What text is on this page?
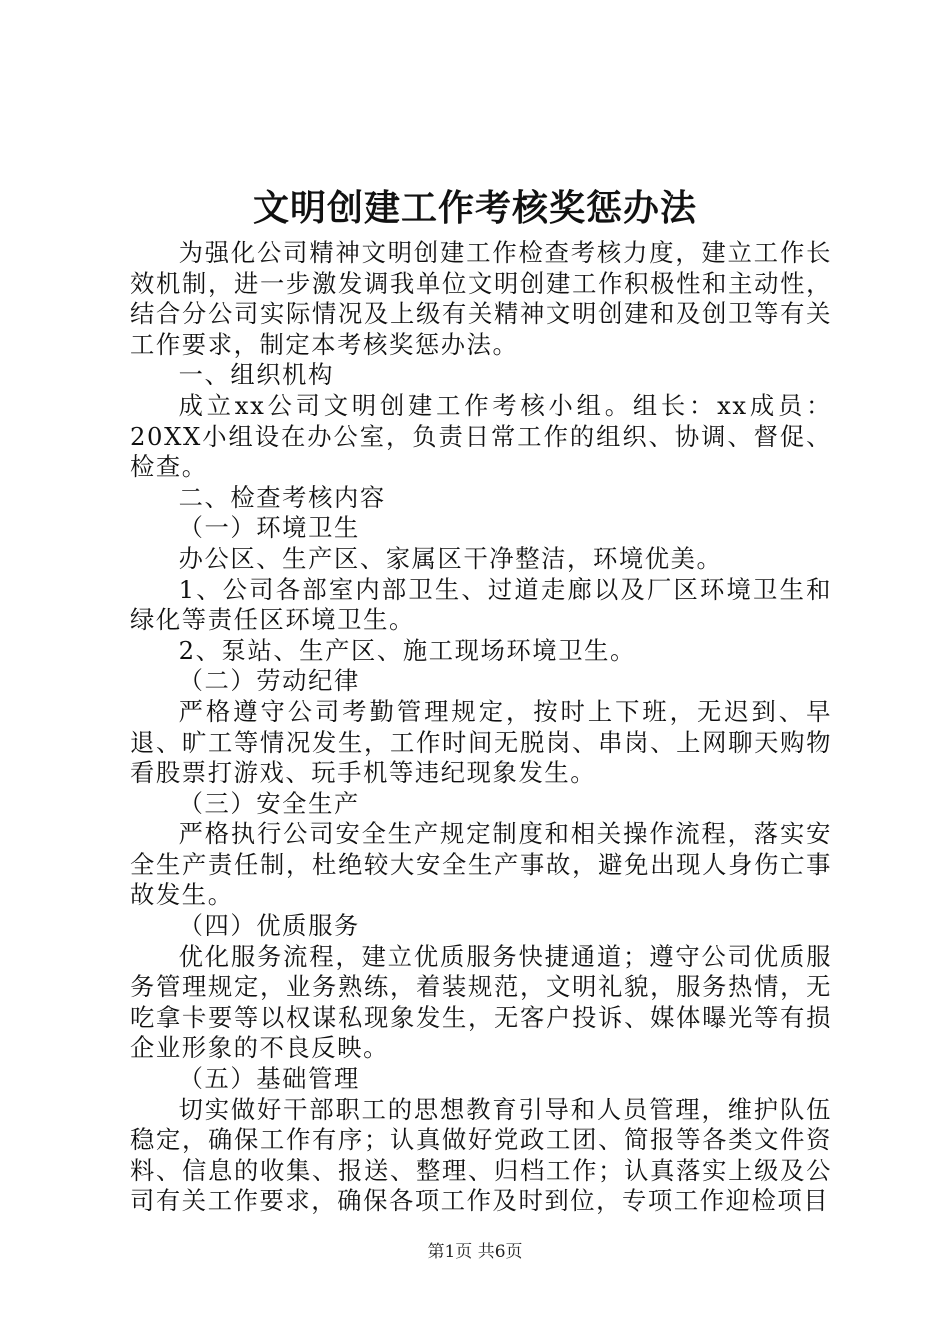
文明创建工作考核奖惩办法

为强化公司精神文明创建工作检查考核力度，建立工作长效机制，进一步激发调我单位文明创建工作积极性和主动性，结合分公司实际情况及上级有关精神文明创建和及创卫等有关工作要求，制定本考核奖惩办法。

一、组织机构

成立xx公司文明创建工作考核小组。组长：xx成员：20XX小组设在办公室，负责日常工作的组织、协调、督促、检查。

二、检查考核内容

（一）环境卫生

办公区、生产区、家属区干净整洁，环境优美。

1、公司各部室内部卫生、过道走廊以及厂区环境卫生和绿化等责任区环境卫生。

2、泵站、生产区、施工现场环境卫生。

（二）劳动纪律

严格遵守公司考勤管理规定，按时上下班，无迟到、早退、旷工等情况发生，工作时间无脱岗、串岗、上网聊天购物看股票打游戏、玩手机等违纪现象发生。

（三）安全生产

严格执行公司安全生产规定制度和相关操作流程，落实安全生产责任制，杜绝较大安全生产事故，避免出现人身伤亡事故发生。

（四）优质服务

优化服务流程，建立优质服务快捷通道；遵守公司优质服务管理规定，业务熟练，着装规范，文明礼貌，服务热情，无吃拿卡要等以权谋私现象发生，无客户投诉、媒体曝光等有损企业形象的不良反映。

（五）基础管理

切实做好干部职工的思想教育引导和人员管理，维护队伍稳定，确保工作有序；认真做好党政工团、简报等各类文件资料、信息的收集、报送、整理、归档工作；认真落实上级及公司有关工作要求，确保各项工作及时到位，专项工作迎检项目

第1页 共6页
